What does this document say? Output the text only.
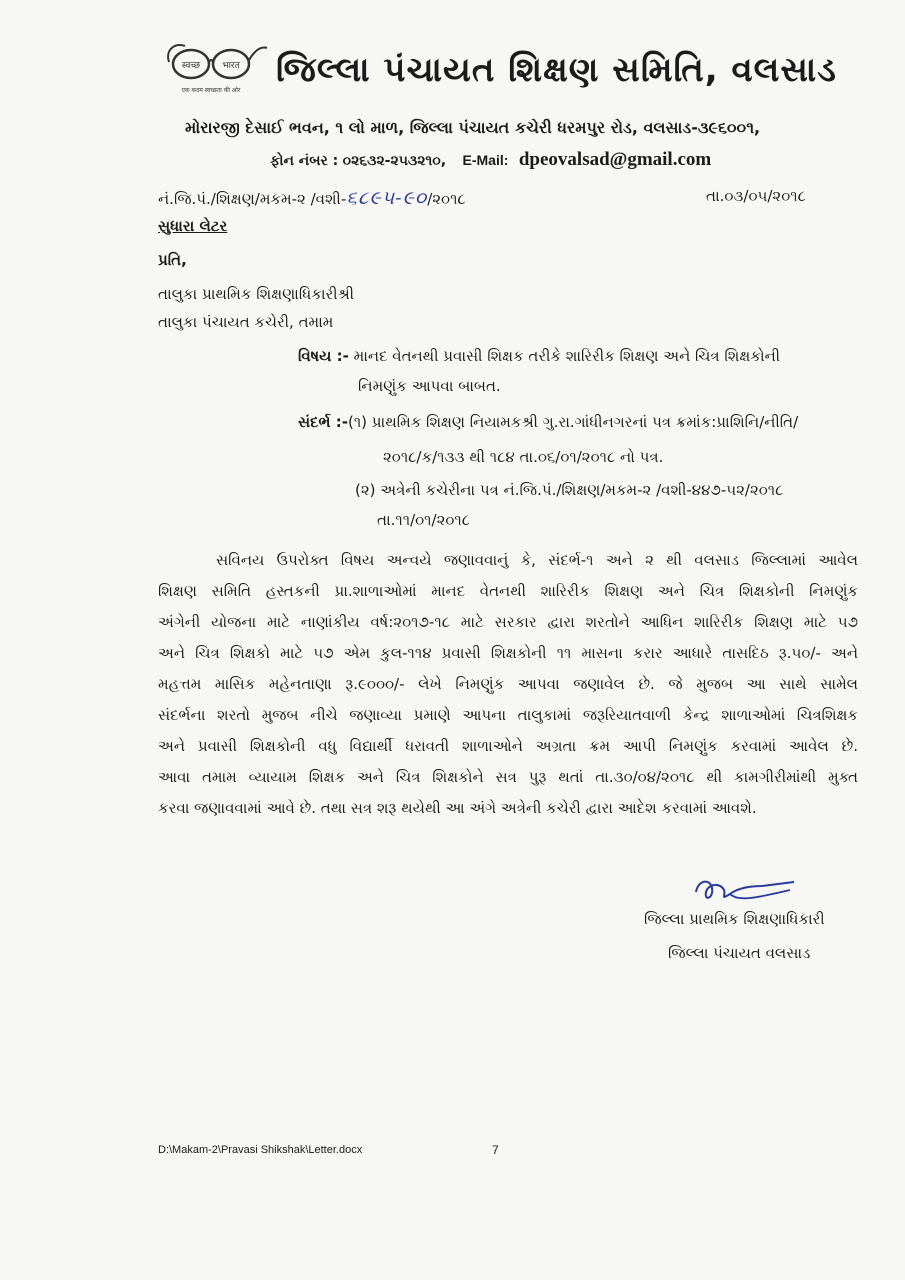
स्वच्छ भारत
एक कदम स्वच्छता की ओर
જિલ્લા પંચાયત શિક્ષણ સમિતિ, વલસાડ
મોરારજી દેસાઈ ભવન, ૧ લો માળ, જિલ્લા પંચાયત કચેરી ધરમપુર રોડ, વલસાડ-૩૯૬૦૦૧,
ફોન નંબર : ૦૨૬૩૨-૨૫૩૨૧૦, E-Mail: dpeovalsad@gmail.com
નં.જિ.પં./શિક્ષણ/મકમ-૨ /વશી-૬૮૯૫-૯૦/૨૦૧૮	તા.૦૩/૦૫/૨૦૧૮
સુધારા લેટર
પ્રતિ,
તાલુકા પ્રાથમિક શિક્ષણાધિકારીશ્રી
તાલુકા પંચાયત કચેરી, તમામ
વિષય :- માનદ વેતનથી પ્રવાસી શિક્ષક તરીકે શારિરીક શિક્ષણ અને ચિત્ર શિક્ષકોની
નિમણુંક આપવા બાબત.
સંદર્ભ :-(૧) પ્રાથમિક શિક્ષણ નિયામકશ્રી ગુ.રા.ગાંધીનગરનાં પત્ર ક્રમાંક:પ્રાશિનિ/નીતિ/
૨૦૧૮/ક/૧૩૩ થી ૧૮૪ તા.૦૬/૦૧/૨૦૧૮ નો પત્ર.
(૨) અત્રેની કચેરીના પત્ર નં.જિ.પં./શિક્ષણ/મકમ-૨ /વશી-૪૪૭-૫૨/૨૦૧૮
તા.૧૧/૦૧/૨૦૧૮
સવિનય ઉપરોક્ત વિષય અન્વયે જણાવવાનું કે, સંદર્ભ-૧ અને ૨ થી વલસાડ જિલ્લામાં આવેલ
શિક્ષણ સમિતિ હસ્તકની પ્રા.શાળાઓમાં માનદ વેતનથી શારિરીક શિક્ષણ અને ચિત્ર શિક્ષકોની નિમણુંક
અંગેની યોજના માટે નાણાંકીય વર્ષ:૨૦૧૭-૧૮ માટે સરકાર દ્વારા શરતોને આધિન શારિરીક શિક્ષણ માટે ૫૭
અને ચિત્ર શિક્ષકો માટે ૫૭ એમ કુલ-૧૧૪ પ્રવાસી શિક્ષકોની ૧૧ માસના કરાર આધારે તાસદિઠ રૂ.૫૦/- અને
મહત્તમ માસિક મહેનતાણા રૂ.૯૦૦૦/- લેખે નિમણુંક આપવા જણાવેલ છે. જે મુજબ આ સાથે સામેલ
સંદર્ભના શરતો મુજબ નીચે જણાવ્યા પ્રમાણે આપના તાલુકામાં જરૂરિયાતવાળી કેન્દ્ર શાળાઓમાં ચિત્રશિક્ષક
અને પ્રવાસી શિક્ષકોની વધુ વિદ્યાર્થી ધરાવતી શાળાઓને અગ્રતા ક્રમ આપી નિમણુંક કરવામાં આવેલ છે.
આવા તમામ વ્યાયામ શિક્ષક અને ચિત્ર શિક્ષકોને સત્ર પુરૂ થતાં તા.૩૦/૦૪/૨૦૧૮ થી કામગીરીમાંથી મુક્ત
કરવા જણાવવામાં આવે છે. તથા સત્ર શરૂ થયેથી આ અંગે અત્રેની કચેરી દ્વારા આદેશ કરવામાં આવશે.
જિલ્લા પ્રાથમિક શિક્ષણાધિકારી
જિલ્લા પંચાયત વલસાડ
D:\Makam-2\Pravasi Shikshak\Letter.docx	7
